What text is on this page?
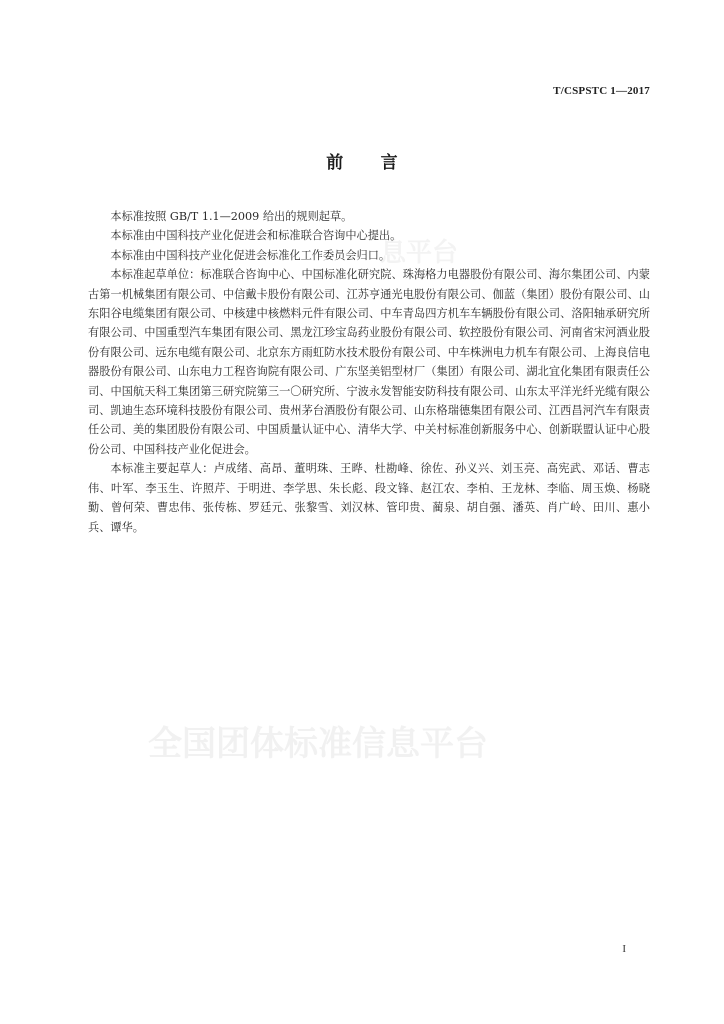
T/CSPSTC 1—2017
前言
息平台
全国团体标准信息平台

本标准按照 GB/T 1.1—2009 给出的规则起草。

本标准由中国科技产业化促进会和标准联合咨询中心提出。

本标准由中国科技产业化促进会标准化工作委员会归口。

本标准起草单位：标准联合咨询中心、中国标准化研究院、珠海格力电器股份有限公司、海尔集团公司、内蒙古第一机械集团有限公司、中信戴卡股份有限公司、江苏亨通光电股份有限公司、伽蓝（集团）股份有限公司、山东阳谷电缆集团有限公司、中核建中核燃料元件有限公司、中车青岛四方机车车辆股份有限公司、洛阳轴承研究所有限公司、中国重型汽车集团有限公司、黑龙江珍宝岛药业股份有限公司、软控股份有限公司、河南省宋河酒业股份有限公司、远东电缆有限公司、北京东方雨虹防水技术股份有限公司、中车株洲电力机车有限公司、上海良信电器股份有限公司、山东电力工程咨询院有限公司、广东坚美铝型材厂（集团）有限公司、湖北宜化集团有限责任公司、中国航天科工集团第三研究院第三一〇研究所、宁波永发智能安防科技有限公司、山东太平洋光纤光缆有限公司、凯迪生态环境科技股份有限公司、贵州茅台酒股份有限公司、山东格瑞德集团有限公司、江西昌河汽车有限责任公司、美的集团股份有限公司、中国质量认证中心、清华大学、中关村标准创新服务中心、创新联盟认证中心股份公司、中国科技产业化促进会。

本标准主要起草人：卢成绪、高昂、董明珠、王晔、杜勘峰、徐佐、孙义兴、刘玉亮、高宪武、邓话、曹志伟、叶军、李玉生、许照芹、于明进、李学思、朱长彪、段文锋、赵江农、李柏、王龙林、李临、周玉焕、杨晓勤、曾何荣、曹忠伟、张传栋、罗廷元、张黎雪、刘汉林、管印贵、蔺泉、胡自强、潘英、肖广岭、田川、惠小兵、谭华。

I
